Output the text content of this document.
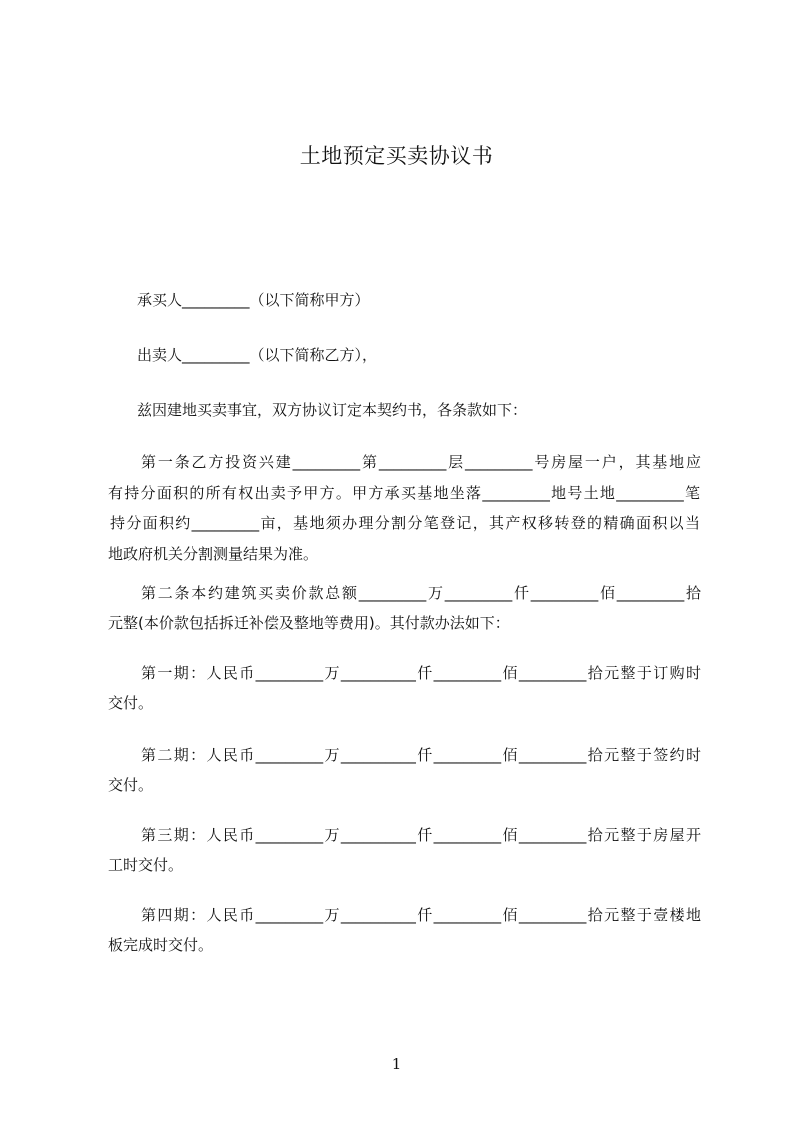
土地预定买卖协议书
承买人_________（以下简称甲方）
出卖人_________（以下简称乙方），
兹因建地买卖事宜，双方协议订定本契约书，各条款如下：
第一条乙方投资兴建_________第_________层_________号房屋一户，其基地应
有持分面积的所有权出卖予甲方。甲方承买基地坐落_________地号土地_________笔
持分面积约_________亩，基地须办理分割分笔登记，其产权移转登的精确面积以当
地政府机关分割测量结果为准。
第二条本约建筑买卖价款总额_________万_________仟_________佰_________拾
元整(本价款包括拆迁补偿及整地等费用)。其付款办法如下：
第一期：人民币_________万__________仟_________佰_________拾元整于订购时
交付。
第二期：人民币_________万__________仟_________佰_________拾元整于签约时
交付。
第三期：人民币_________万__________仟_________佰_________拾元整于房屋开
工时交付。
第四期：人民币_________万__________仟_________佰_________拾元整于壹楼地
板完成时交付。
1
